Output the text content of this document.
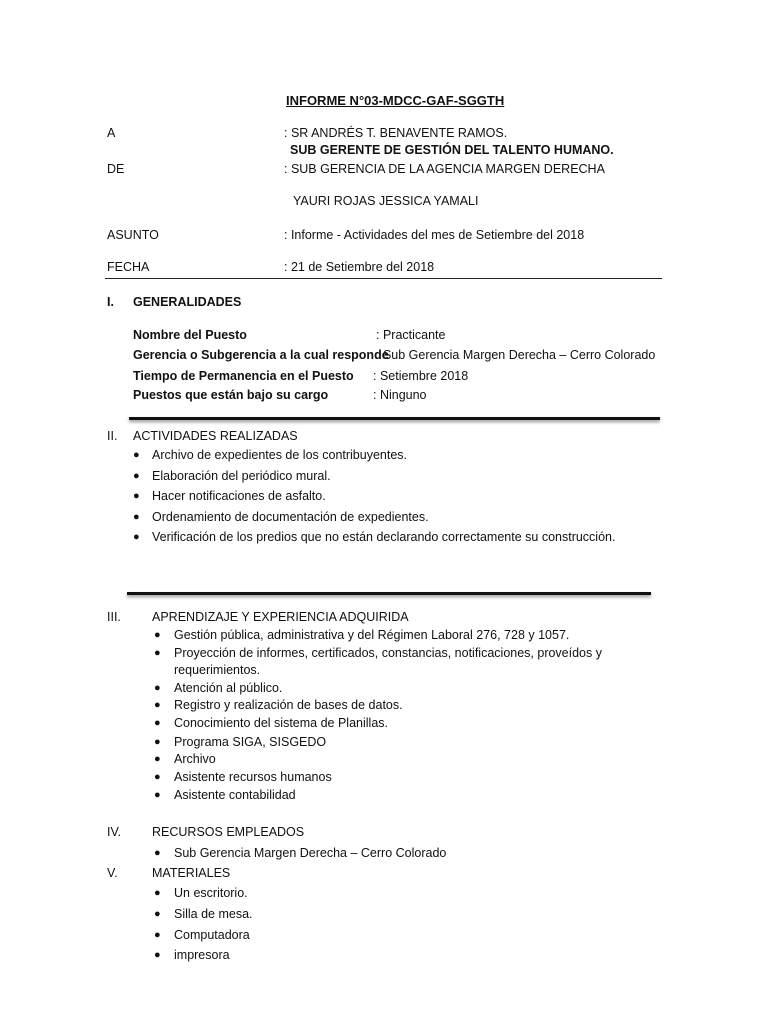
INFORME N°03-MDCC-GAF-SGGTH
A	: SR ANDRÉS T. BENAVENTE RAMOS.
SUB GERENTE DE GESTIÓN DEL TALENTO HUMANO.
DE	: SUB GERENCIA DE LA AGENCIA MARGEN DERECHA
YAURI ROJAS JESSICA YAMALI
ASUNTO	: Informe - Actividades del mes de Setiembre del 2018
FECHA	: 21 de Setiembre del 2018
I. GENERALIDADES
Nombre del Puesto	: Practicante
Gerencia o Subgerencia a la cual responde
: Sub Gerencia Margen Derecha – Cerro Colorado
Tiempo de Permanencia en el Puesto : Setiembre 2018
Puestos que están bajo su cargo	: Ninguno
II. ACTIVIDADES REALIZADAS
● Archivo de expedientes de los contribuyentes.
● Elaboración del periódico mural.
● Hacer notificaciones de asfalto.
● Ordenamiento de documentación de expedientes.
● Verificación de los predios que no están declarando correctamente su construcción.
III. APRENDIZAJE Y EXPERIENCIA ADQUIRIDA
● Gestión pública, administrativa y del Régimen Laboral 276, 728 y 1057.
● Proyección de informes, certificados, constancias, notificaciones, proveídos y
requerimientos.
● Atención al público.
● Registro y realización de bases de datos.
● Conocimiento del sistema de Planillas.
● Programa SIGA, SISGEDO
● Archivo
● Asistente recursos humanos
● Asistente contabilidad
IV. RECURSOS EMPLEADOS
● Sub Gerencia Margen Derecha – Cerro Colorado
V.	MATERIALES
● Un escritorio.
● Silla de mesa.
● Computadora
● impresora
